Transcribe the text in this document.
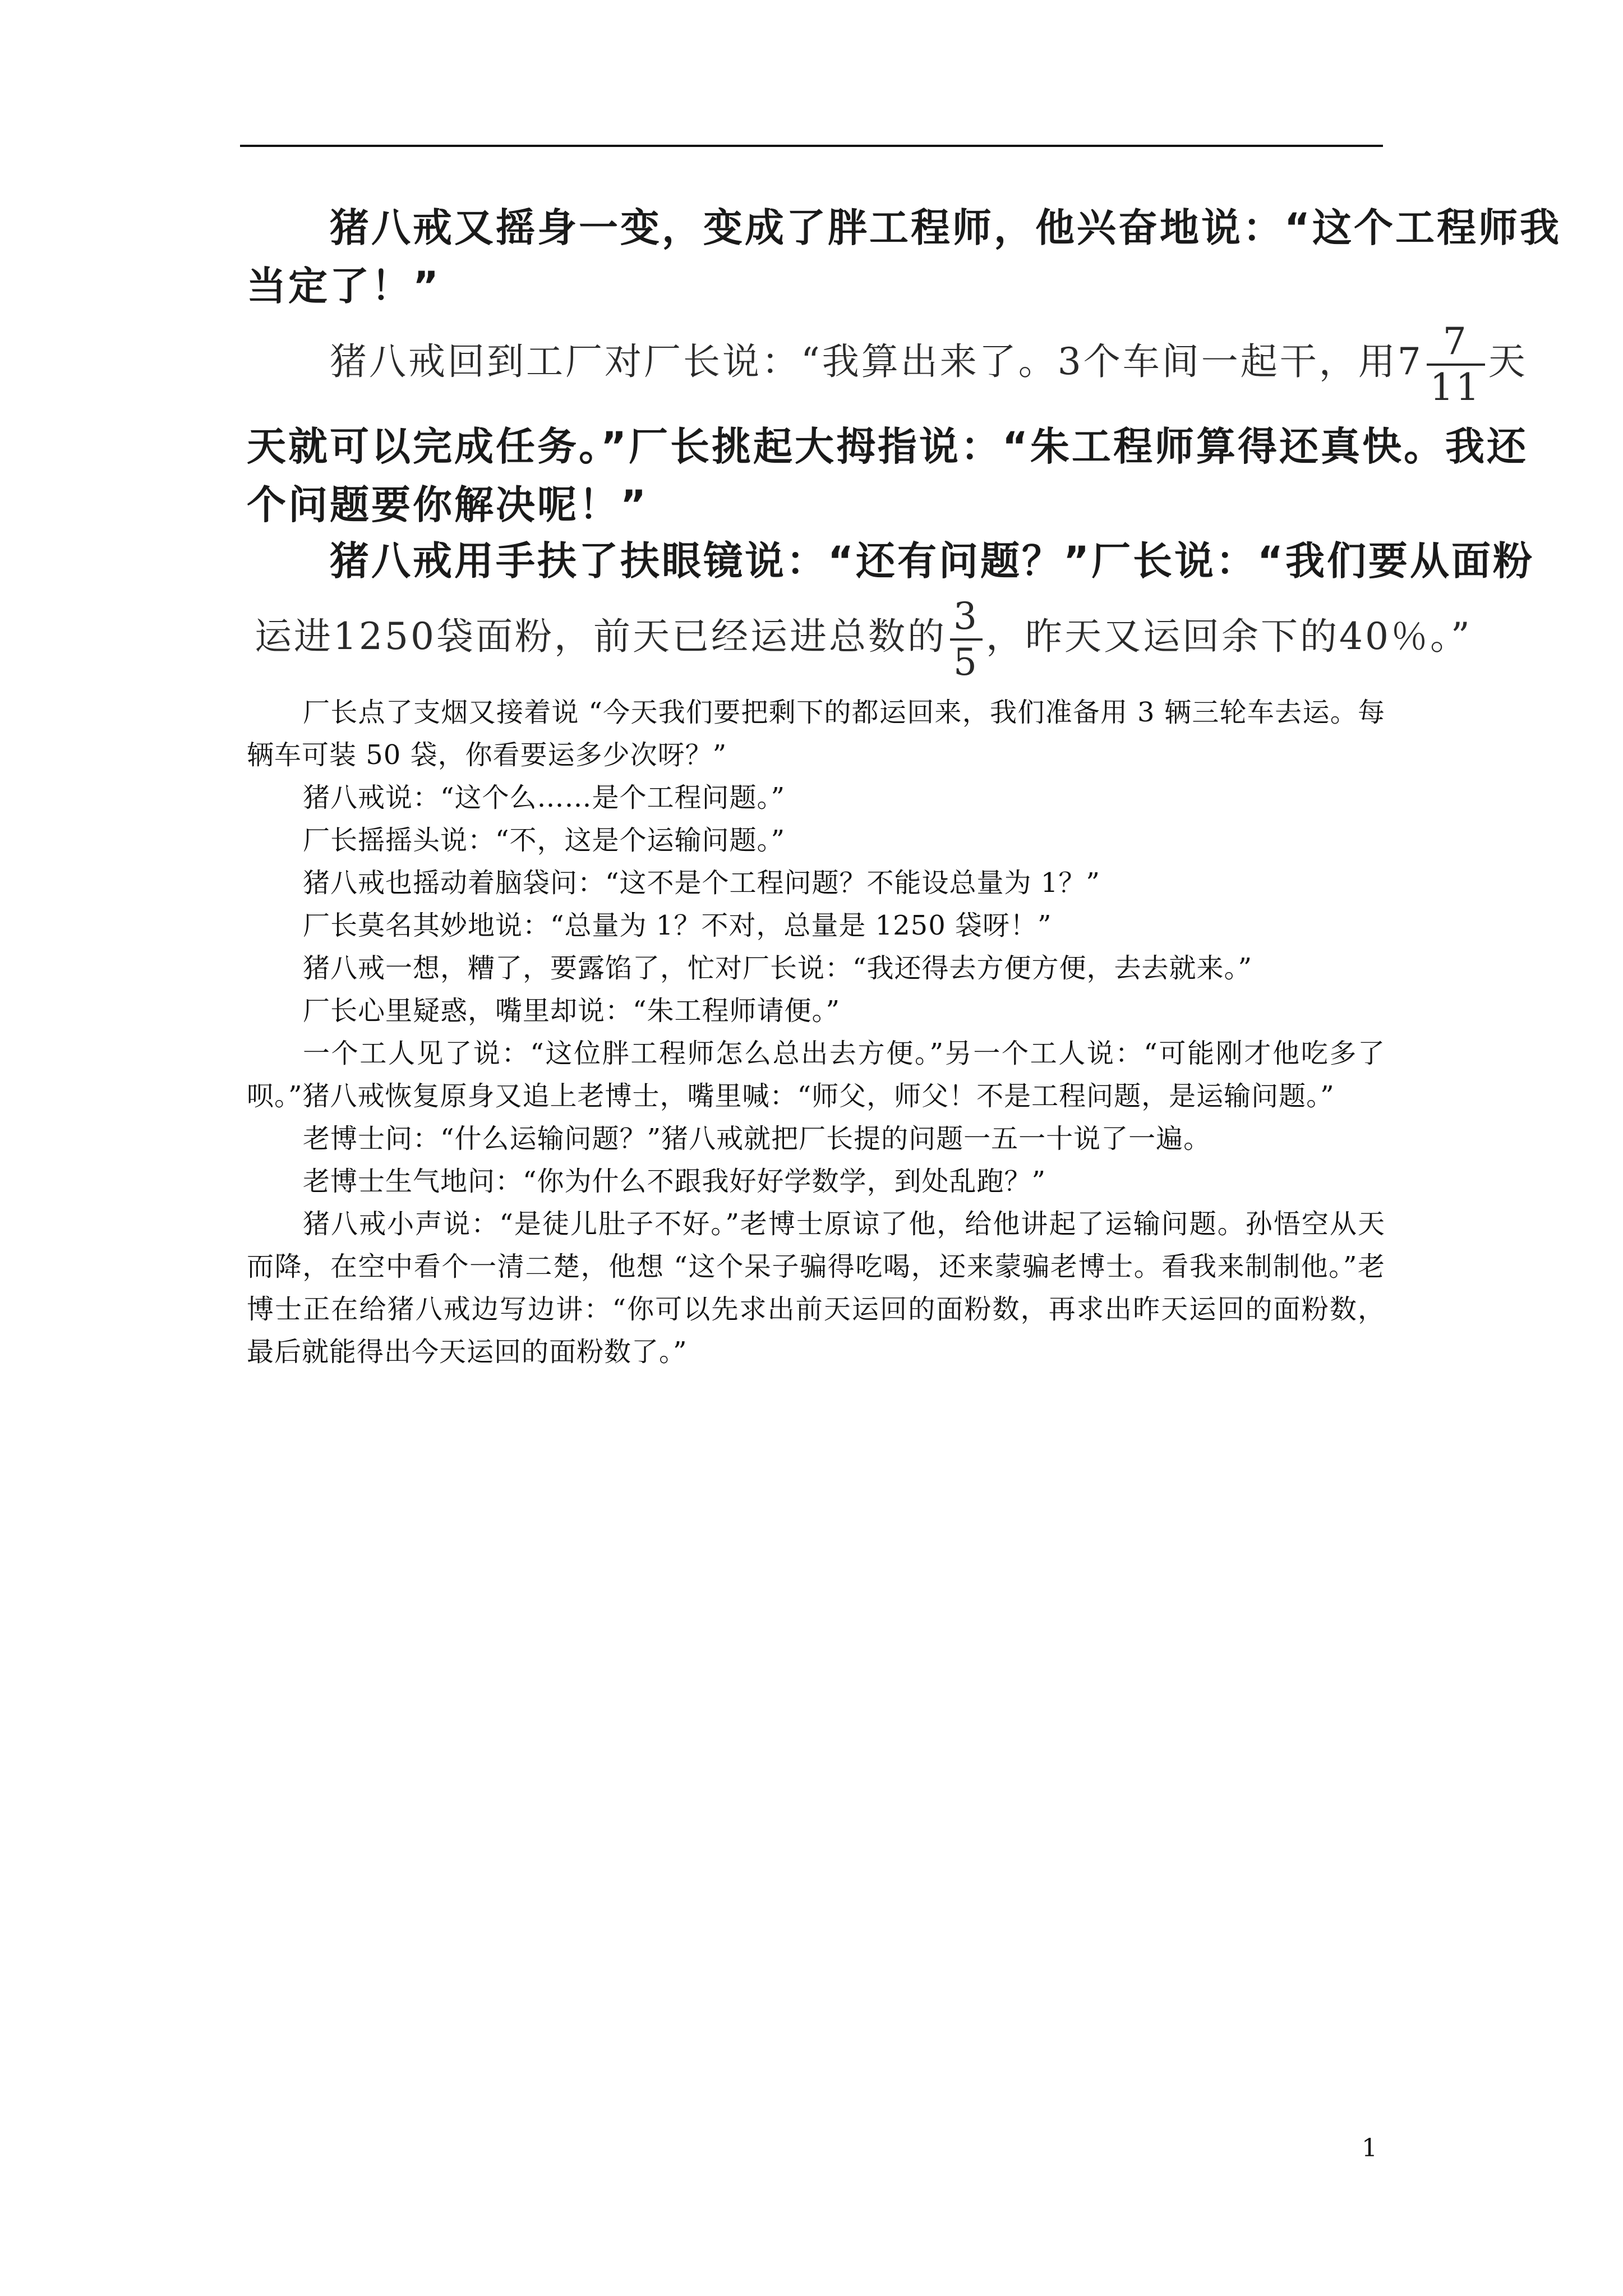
猪八戒又摇身一变，变成了胖工程师，他兴奋地说：“这个工程师我
当定了！”
猪八戒回到工厂对厂长说：“我算出来了。3个车间一起干，用$7 \frac{7}{11}$ 天
天就可以完成任务。”厂长挑起大拇指说：“朱工程师算得还真快。我还
个问题要你解决呢！”
猪八戒用手扶了扶眼镜说：“还有问题？”厂长说：“我们要从面粉
运进1250袋面粉，前天已经运进总数的 $\frac{3}{5}$ ，昨天又运回余下的40％。”

厂长点了支烟又接着说 “今天我们要把剩下的都运回来，我们准备用 3 辆三轮车去运。每辆车可装 50 袋，你看要运多少次呀？”

猪八戒说：“这个么……是个工程问题。”

厂长摇摇头说：“不，这是个运输问题。”

猪八戒也摇动着脑袋问：“这不是个工程问题？不能设总量为 1？”

厂长莫名其妙地说：“总量为 1？不对，总量是 1250 袋呀！”

猪八戒一想，糟了，要露馅了，忙对厂长说：“我还得去方便方便，去去就来。”

厂长心里疑惑，嘴里却说：“朱工程师请便。”

一个工人见了说：“这位胖工程师怎么总出去方便。”另一个工人说：“可能刚才他吃多了呗。”猪八戒恢复原身又追上老博士，嘴里喊：“师父，师父！不是工程问题，是运输问题。”

老博士问：“什么运输问题？”猪八戒就把厂长提的问题一五一十说了一遍。

老博士生气地问：“你为什么不跟我好好学数学，到处乱跑？”

猪八戒小声说：“是徒儿肚子不好。”老博士原谅了他，给他讲起了运输问题。孙悟空从天而降，在空中看个一清二楚，他想 “这个呆子骗得吃喝，还来蒙骗老博士。看我来制制他。”老博士正在给猪八戒边写边讲：“你可以先求出前天运回的面粉数，再求出昨天运回的面粉数，最后就能得出今天运回的面粉数了。”

1
